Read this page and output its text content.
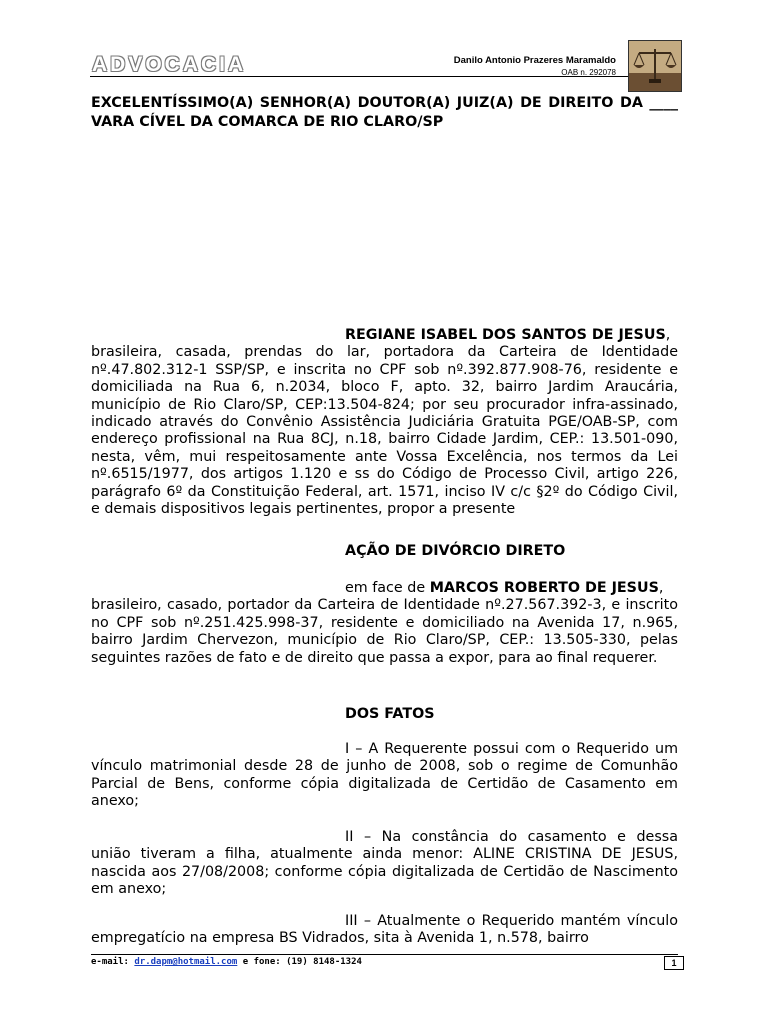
ADVOCACIA	Danilo Antonio Prazeres Maramaldo
OAB n. 292078
EXCELENTÍSSIMO(A) SENHOR(A) DOUTOR(A) JUIZ(A) DE DIREITO DA ____ VARA CÍVEL DA COMARCA DE RIO CLARO/SP
REGIANE ISABEL DOS SANTOS DE JESUS,
brasileira, casada, prendas do lar, portadora da Carteira de Identidade nº.47.802.312-1 SSP/SP, e inscrita no CPF sob nº.392.877.908-76, residente e domiciliada na Rua 6, n.2034, bloco F, apto. 32, bairro Jardim Araucária, município de Rio Claro/SP, CEP:13.504-824; por seu procurador infra-assinado, indicado através do Convênio Assistência Judiciária Gratuita PGE/OAB-SP, com endereço profissional na Rua 8CJ, n.18, bairro Cidade Jardim, CEP.: 13.501-090, nesta, vêm, mui respeitosamente ante Vossa Excelência, nos termos da Lei nº.6515/1977, dos artigos 1.120 e ss do Código de Processo Civil, artigo 226, parágrafo 6º da Constituição Federal, art. 1571, inciso IV c/c §2º do Código Civil, e demais dispositivos legais pertinentes, propor a presente
AÇÃO DE DIVÓRCIO DIRETO
em face de MARCOS ROBERTO DE JESUS,
brasileiro, casado, portador da Carteira de Identidade nº.27.567.392-3, e inscrito no CPF sob nº.251.425.998-37, residente e domiciliado na Avenida 17, n.965, bairro Jardim Chervezon, município de Rio Claro/SP, CEP.: 13.505-330, pelas seguintes razões de fato e de direito que passa a expor, para ao final requerer.
DOS FATOS
I – A Requerente possui com o Requerido um vínculo matrimonial desde 28 de junho de 2008, sob o regime de Comunhão Parcial de Bens, conforme cópia digitalizada de Certidão de Casamento em anexo;
II – Na constância do casamento e dessa união tiveram a filha, atualmente ainda menor: ALINE CRISTINA DE JESUS, nascida aos 27/08/2008; conforme cópia digitalizada de Certidão de Nascimento em anexo;
III – Atualmente o Requerido mantém vínculo empregatício na empresa BS Vidrados, sita à Avenida 1, n.578, bairro
e-mail: dr.dapm@hotmail.com e fone: (19) 8148-1324	1
